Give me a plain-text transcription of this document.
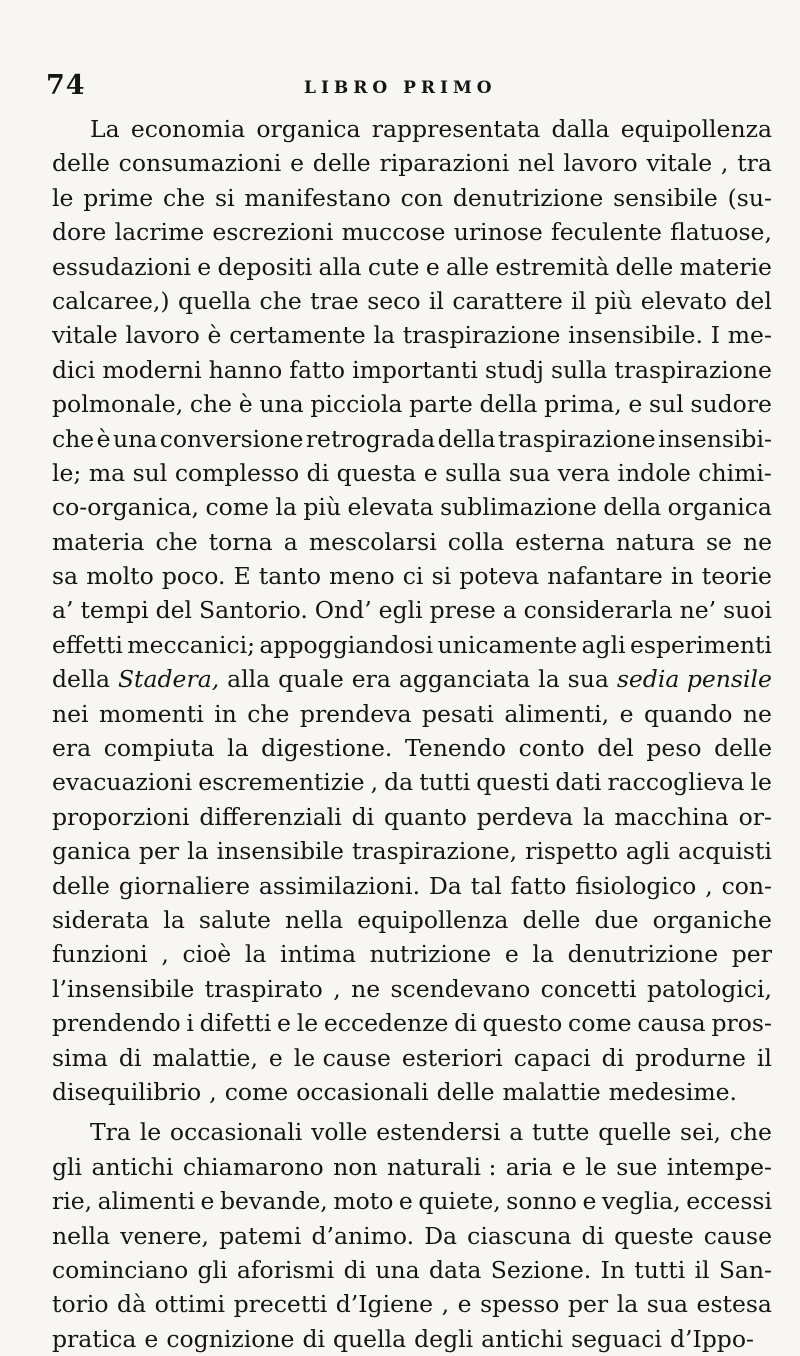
74	LIBRO PRIMO
La economia organica rappresentata dalla equipollenza
delle consumazioni e delle riparazioni nel lavoro vitale , tra
le prime che si manifestano con denutrizione sensibile (su-
dore lacrime escrezioni muccose urinose feculente flatuose,
essudazioni e depositi alla cute e alle estremità delle materie
calcaree,) quella che trae seco il carattere il più elevato del
vitale lavoro è certamente la traspirazione insensibile. I me-
dici moderni hanno fatto importanti studj sulla traspirazione
polmonale, che è una picciola parte della prima, e sul sudore
che è una conversione retrograda della traspirazione insensibi-
le; ma sul complesso di questa e sulla sua vera indole chimi-
co-organica, come la più elevata sublimazione della organica
materia che torna a mescolarsi colla esterna natura se ne
sa molto poco. E tanto meno ci si poteva nafantare in teorie
a’ tempi del Santorio. Ond’ egli prese a considerarla ne’ suoi
effetti meccanici; appoggiandosi unicamente agli esperimenti
della Stadera, alla quale era agganciata la sua sedia pensile
nei momenti in che prendeva pesati alimenti, e quando ne
era compiuta la digestione. Tenendo conto del peso delle
evacuazioni escrementizie , da tutti questi dati raccoglieva le
proporzioni differenziali di quanto perdeva la macchina or-
ganica per la insensibile traspirazione, rispetto agli acquisti
delle giornaliere assimilazioni. Da tal fatto fisiologico , con-
siderata la salute nella equipollenza delle due organiche
funzioni , cioè la intima nutrizione e la denutrizione per
l’insensibile traspirato , ne scendevano concetti patologici,
prendendo i difetti e le eccedenze di questo come causa pros-
sima di malattie, e le cause esteriori capaci di produrne il
disequilibrio , come occasionali delle malattie medesime.
Tra le occasionali volle estendersi a tutte quelle sei, che
gli antichi chiamarono non naturali : aria e le sue intempe-
rie, alimenti e bevande, moto e quiete, sonno e veglia, eccessi
nella venere, patemi d’animo. Da ciascuna di queste cause
cominciano gli aforismi di una data Sezione. In tutti il San-
torio dà ottimi precetti d’Igiene , e spesso per la sua estesa
pratica e cognizione di quella degli antichi seguaci d’Ippo-
